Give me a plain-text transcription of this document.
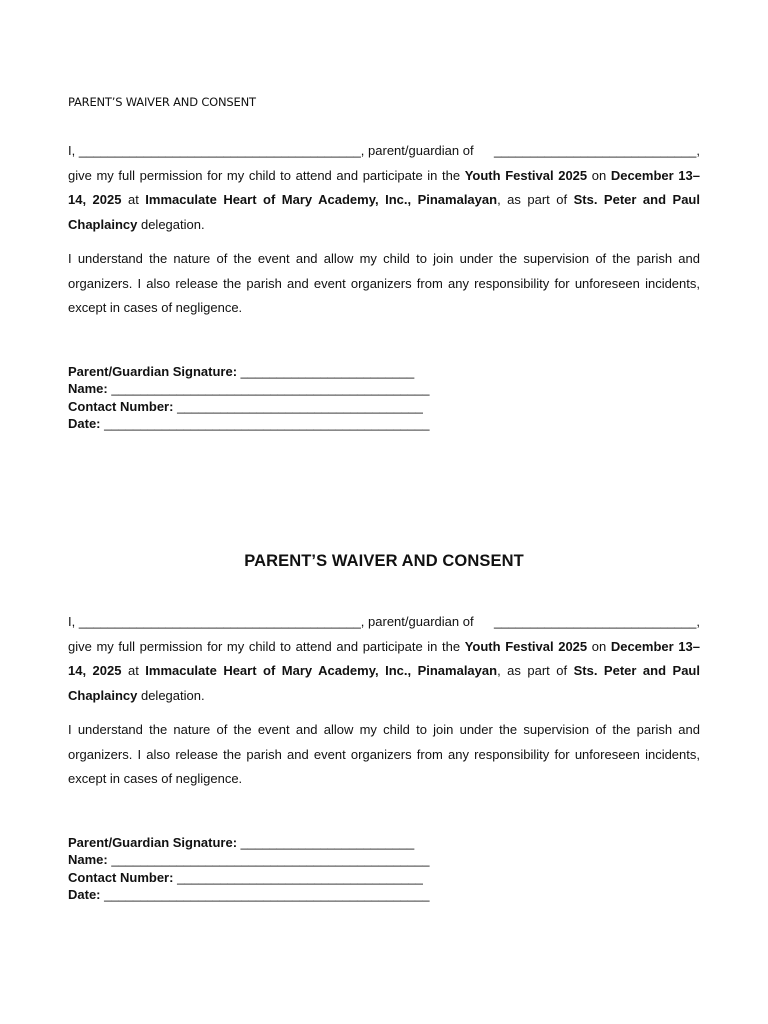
PARENT’S WAIVER AND CONSENT

I, _______________________________________, parent/guardian of ____________________________,
give my full permission for my child to attend and participate in the Youth Festival 2025 on December 13–14, 2025 at Immaculate Heart of Mary Academy, Inc., Pinamalayan, as part of Sts. Peter and Paul Chaplaincy delegation.

I understand the nature of the event and allow my child to join under the supervision of the parish and organizers. I also release the parish and event organizers from any responsibility for unforeseen incidents, except in cases of negligence.

Parent/Guardian Signature: ________________________
Name: ____________________________________________
Contact Number: __________________________________
Date: _____________________________________________
PARENT’S WAIVER AND CONSENT

I, _______________________________________, parent/guardian of ____________________________,
give my full permission for my child to attend and participate in the Youth Festival 2025 on December 13–14, 2025 at Immaculate Heart of Mary Academy, Inc., Pinamalayan, as part of Sts. Peter and Paul Chaplaincy delegation.

I understand the nature of the event and allow my child to join under the supervision of the parish and organizers. I also release the parish and event organizers from any responsibility for unforeseen incidents, except in cases of negligence.

Parent/Guardian Signature: ________________________
Name: ____________________________________________
Contact Number: __________________________________
Date: _____________________________________________
